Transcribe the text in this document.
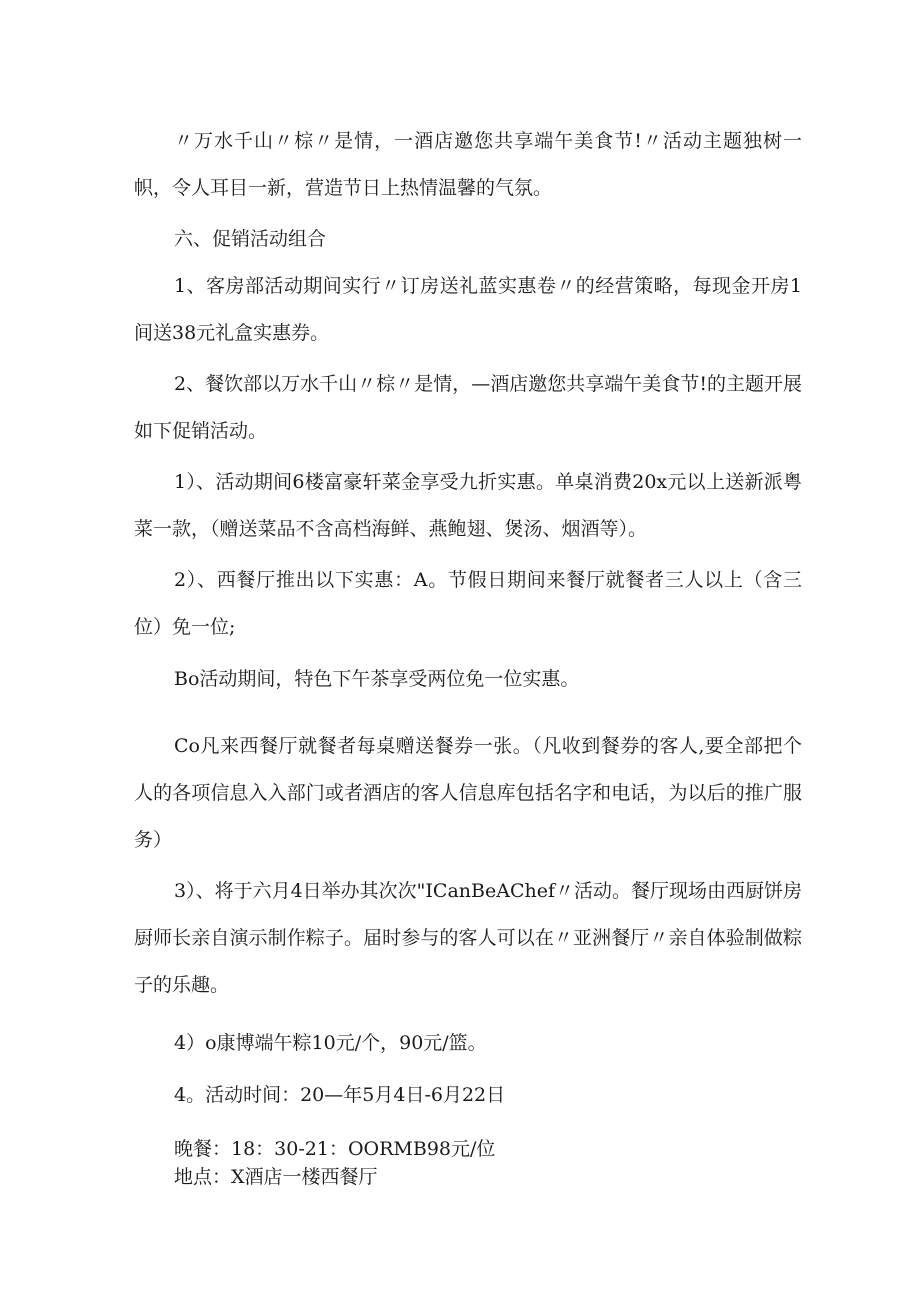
〃万水千山〃棕〃是情，一酒店邀您共享端午美食节!〃活动主题独树一帜，令人耳目一新，营造节日上热情温馨的气氛。

六、促销活动组合

1、客房部活动期间实行〃订房送礼蓝实惠卷〃的经营策略，每现金开房1间送38元礼盒实惠券。

2、餐饮部以万水千山〃棕〃是情，—酒店邀您共享端午美食节!的主题开展如下促销活动。

1）、活动期间6楼富豪轩菜金享受九折实惠。单桌消费20x元以上送新派粤菜一款，（赠送菜品不含高档海鲜、燕鲍翅、煲汤、烟酒等）。

2）、西餐厅推出以下实惠：A。节假日期间来餐厅就餐者三人以上（含三位）免一位;

Bo活动期间，特色下午茶享受两位免一位实惠。

Co凡来西餐厅就餐者每桌赠送餐券一张。（凡收到餐券的客人,要全部把个人的各项信息入入部门或者酒店的客人信息库包括名字和电话，为以后的推广服务）

3）、将于六月4日举办其次次"ICanBeAChef〃活动。餐厅现场由西厨饼房厨师长亲自演示制作粽子。届时参与的客人可以在〃亚洲餐厅〃亲自体验制做粽子的乐趣。

4）o康博端午粽10元/个，90元/篮。

4。活动时间：20—年5月4日-6月22日

晚餐：18：30-21：OORMB98元/位

地点：X酒店一楼西餐厅
